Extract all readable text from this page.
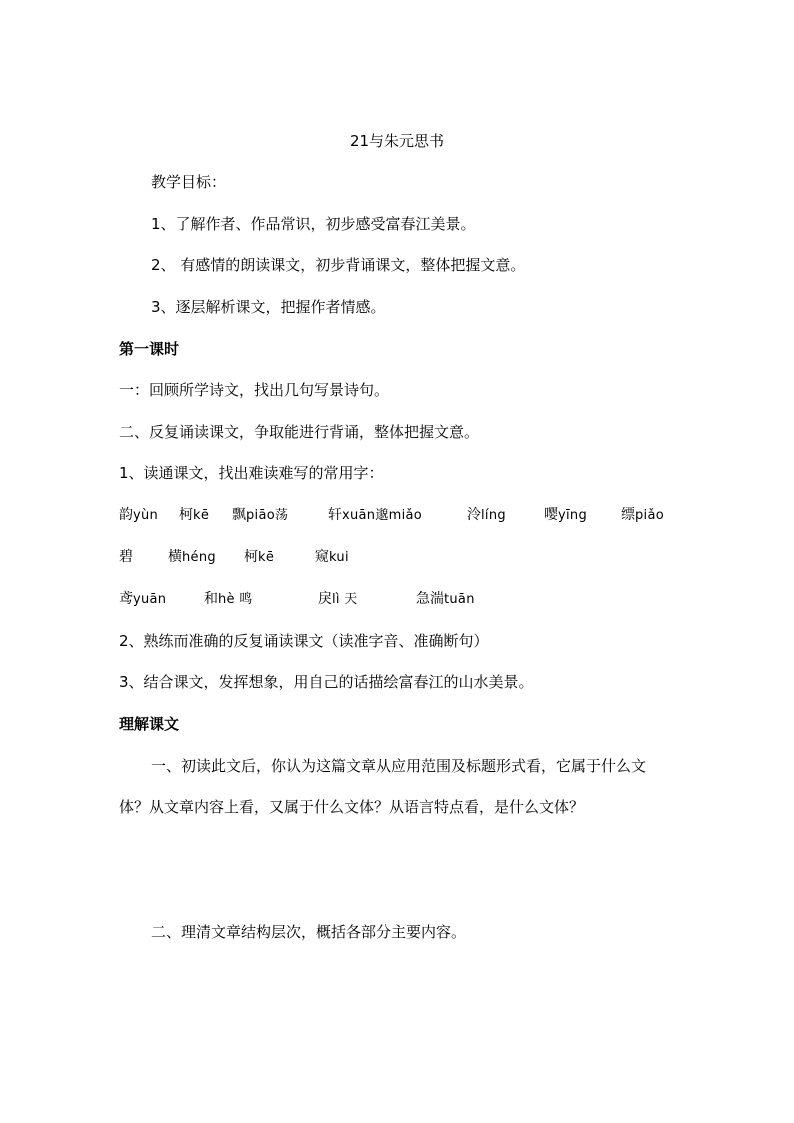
21与朱元思书
教学目标：
1、了解作者、作品常识，初步感受富春江美景。
2、 有感情的朗读课文，初步背诵课文，整体把握文意。
3、逐层解析课文，把握作者情感。
第一课时
一：回顾所学诗文，找出几句写景诗句。
二、反复诵读课文，争取能进行背诵，整体把握文意。
1、读通课文，找出难读难写的常用字：
韵yùn 柯kē 飘piāo荡	轩xuān邈miǎo	泠líng	嘤yīng 缥piǎo
碧	横héng 柯kē	窥kui
鸢yuān	和hè 鸣	戾lì 天	急湍tuān
2、熟练而准确的反复诵读课文（读准字音、准确断句）
3、结合课文，发挥想象，用自己的话描绘富春江的山水美景。
理解课文
一、初读此文后，你认为这篇文章从应用范围及标题形式看，它属于什么文
体？从文章内容上看，又属于什么文体？从语言特点看，是什么文体？
二、理清文章结构层次，概括各部分主要内容。
